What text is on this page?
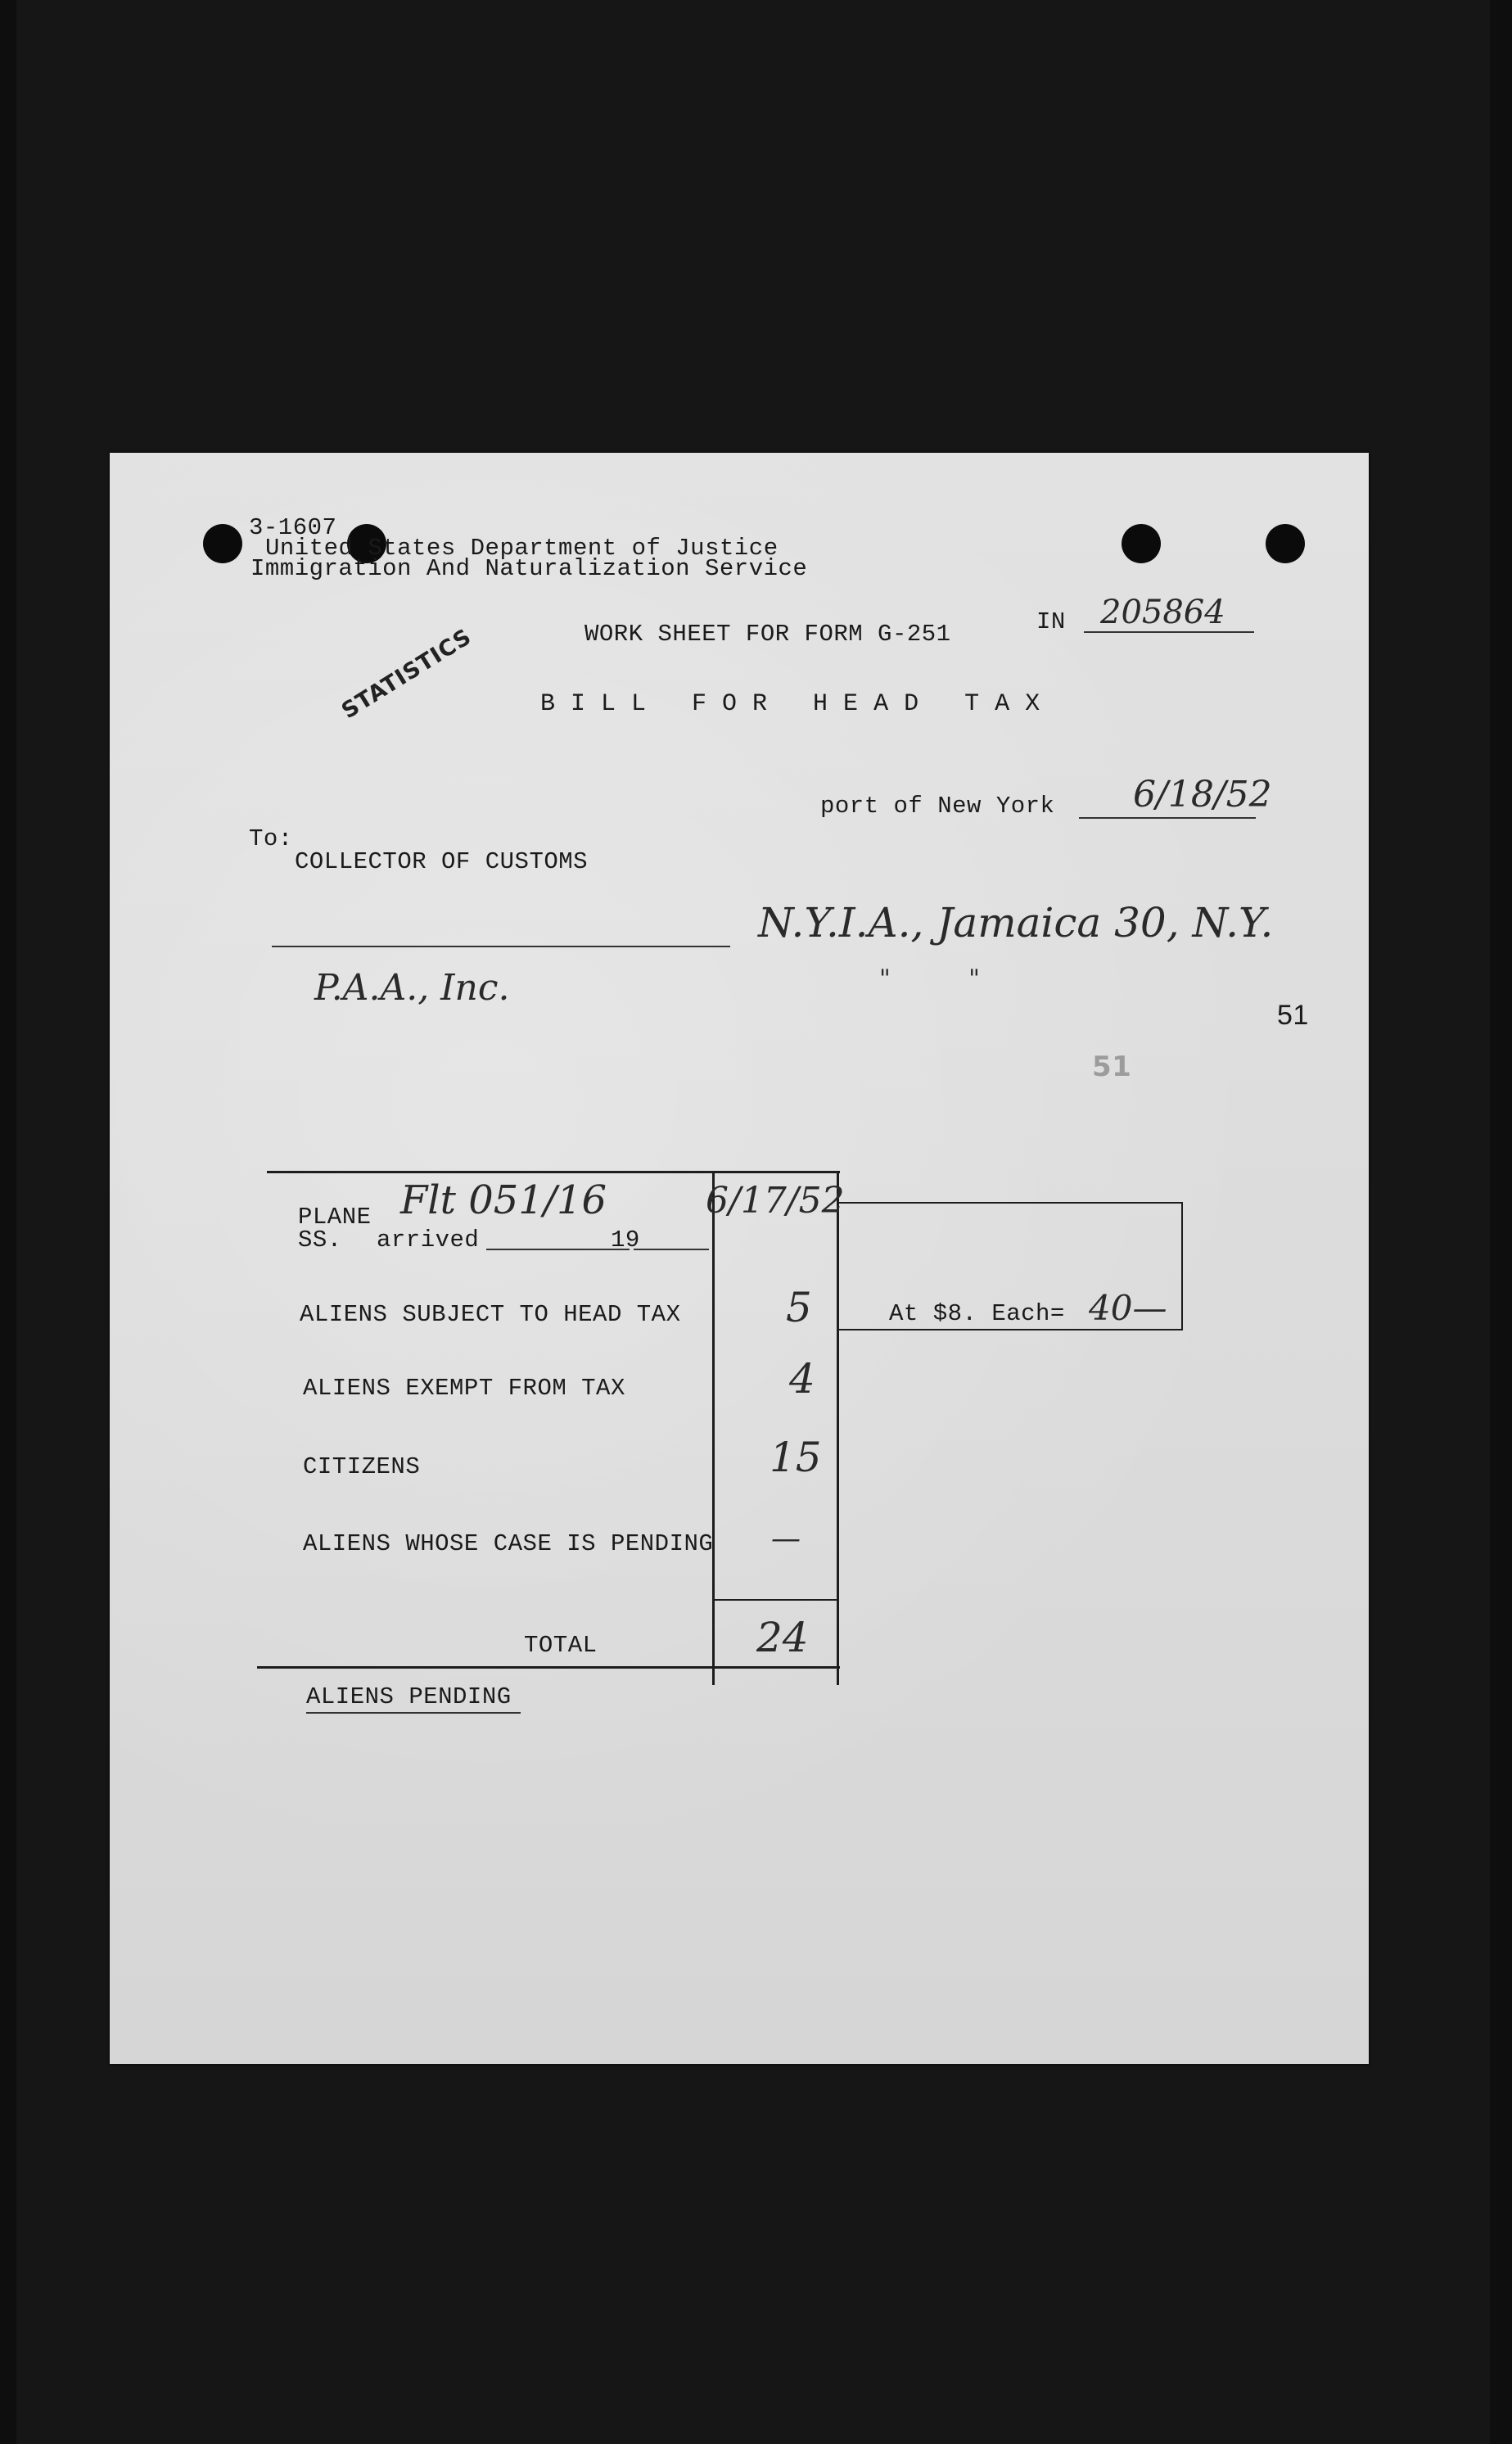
3-1607
United States Department of Justice
Immigration And Naturalization Service
STATISTICS	WORK SHEET FOR FORM G-251	IN 205864
B I L L   F O R   H E A D   T A X
port of New York 6/18/52
To:
COLLECTOR OF CUSTOMS
N.Y.I.A., Jamaica 30, N.Y.
P.A.A., Inc.	"          "
51
51
PLANE Flt 051/16
SS. arrived	19
6/17/52
ALIENS SUBJECT TO HEAD TAX	5	At $8. Each= 40—
ALIENS EXEMPT FROM TAX	4
CITIZENS	15
ALIENS WHOSE CASE IS PENDING —
TOTAL	24
ALIENS PENDING
